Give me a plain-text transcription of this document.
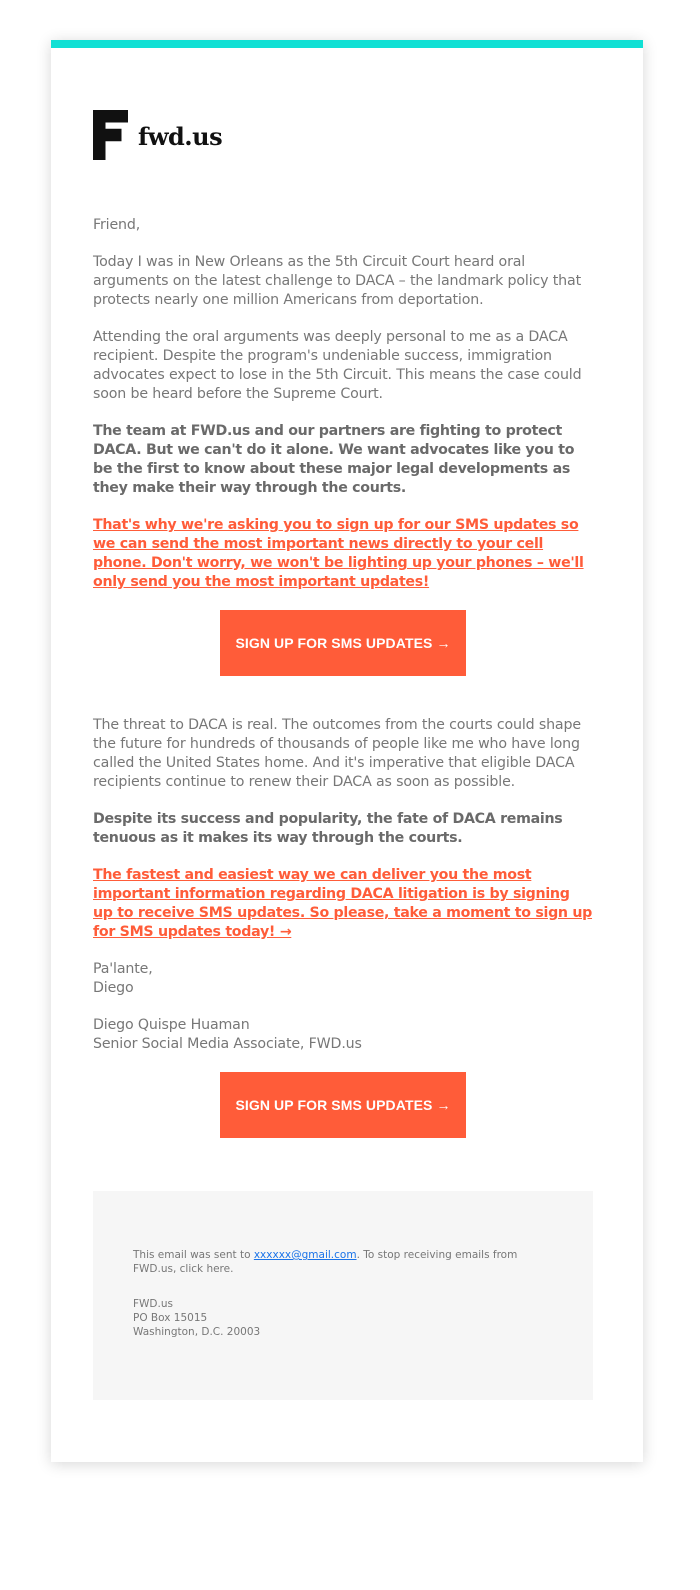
fwd.us

Friend,

Today I was in New Orleans as the 5th Circuit Court heard oral arguments on the latest challenge to DACA – the landmark policy that protects nearly one million Americans from deportation.

Attending the oral arguments was deeply personal to me as a DACA recipient. Despite the program's undeniable success, immigration advocates expect to lose in the 5th Circuit. This means the case could soon be heard before the Supreme Court.

The team at FWD.us and our partners are fighting to protect DACA. But we can't do it alone. We want advocates like you to be the first to know about these major legal developments as they make their way through the courts.

That's why we're asking you to sign up for our SMS updates so we can send the most important news directly to your cell phone. Don't worry, we won't be lighting up your phones – we'll only send you the most important updates!
SIGN UP FOR SMS UPDATES →

The threat to DACA is real. The outcomes from the courts could shape the future for hundreds of thousands of people like me who have long called the United States home. And it's imperative that eligible DACA recipients continue to renew their DACA as soon as possible.

Despite its success and popularity, the fate of DACA remains tenuous as it makes its way through the courts.

The fastest and easiest way we can deliver you the most important information regarding DACA litigation is by signing up to receive SMS updates. So please, take a moment to sign up for SMS updates today! →

Pa'lante,
Diego

Diego Quispe Huaman
Senior Social Media Associate, FWD.us

SIGN UP FOR SMS UPDATES →

This email was sent to xxxxxx@gmail.com. To stop receiving emails from FWD.us, click here.

FWD.us
PO Box 15015
Washington, D.C. 20003
